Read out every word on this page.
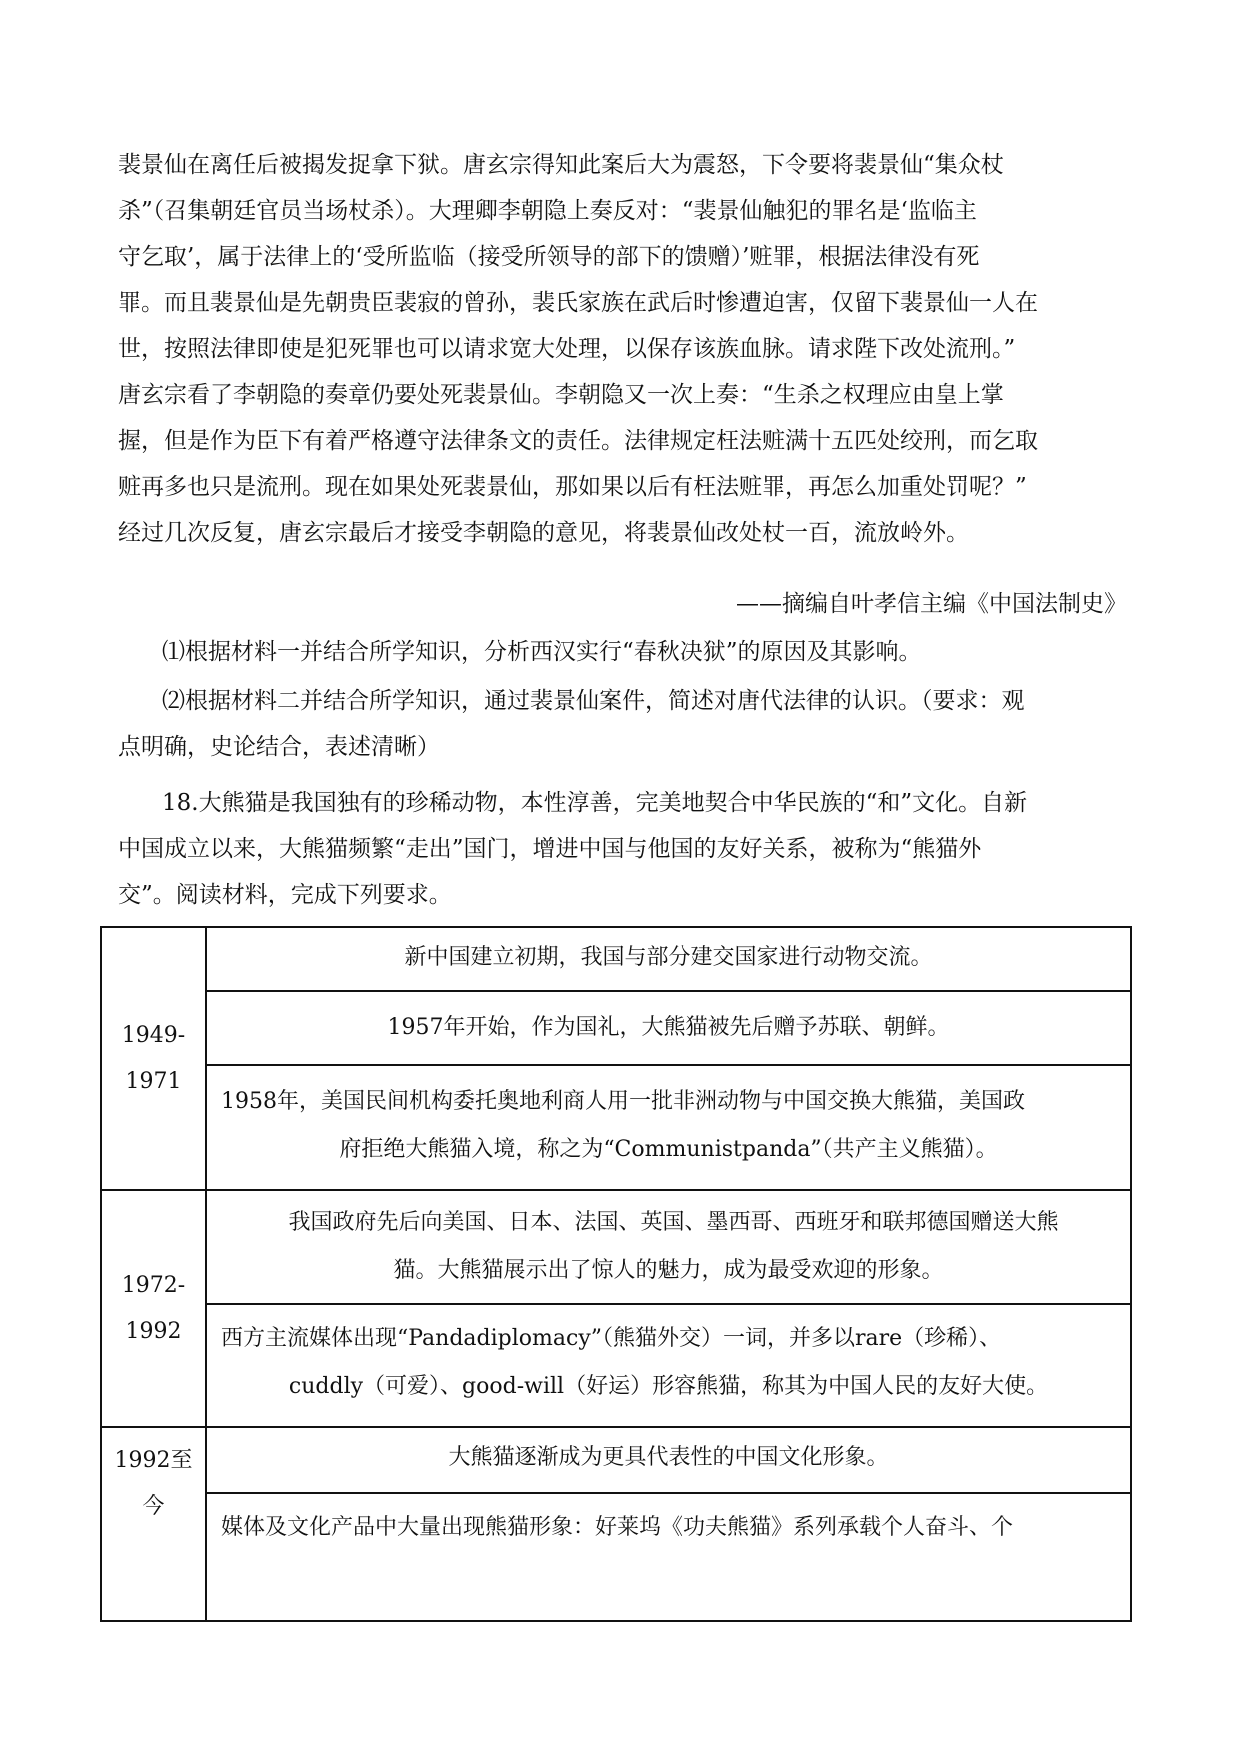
裴景仙在离任后被揭发捉拿下狱。唐玄宗得知此案后大为震怒，下令要将裴景仙“集众杖
杀”（召集朝廷官员当场杖杀）。大理卿李朝隐上奏反对：“裴景仙触犯的罪名是‘监临主
守乞取’，属于法律上的‘受所监临（接受所领导的部下的馈赠）’赃罪，根据法律没有死
罪。而且裴景仙是先朝贵臣裴寂的曾孙，裴氏家族在武后时惨遭迫害，仅留下裴景仙一人在
世，按照法律即使是犯死罪也可以请求宽大处理，以保存该族血脉。请求陛下改处流刑。”
唐玄宗看了李朝隐的奏章仍要处死裴景仙。李朝隐又一次上奏：“生杀之权理应由皇上掌
握，但是作为臣下有着严格遵守法律条文的责任。法律规定枉法赃满十五匹处绞刑，而乞取
赃再多也只是流刑。现在如果处死裴景仙，那如果以后有枉法赃罪，再怎么加重处罚呢？”
经过几次反复，唐玄宗最后才接受李朝隐的意见，将裴景仙改处杖一百，流放岭外。
——摘编自叶孝信主编《中国法制史》
⑴根据材料一并结合所学知识，分析西汉实行“春秋决狱”的原因及其影响。
⑵根据材料二并结合所学知识，通过裴景仙案件，简述对唐代法律的认识。（要求：观
点明确，史论结合，表述清晰）
18.大熊猫是我国独有的珍稀动物，本性淳善，完美地契合中华民族的“和”文化。自新
中国成立以来，大熊猫频繁“走出”国门，增进中国与他国的友好关系，被称为“熊猫外
交”。阅读材料，完成下列要求。
1949-
1971
新中国建立初期，我国与部分建交国家进行动物交流。
1957年开始，作为国礼，大熊猫被先后赠予苏联、朝鲜。
1958年，美国民间机构委托奥地利商人用一批非洲动物与中国交换大熊猫，美国政
府拒绝大熊猫入境，称之为“Communistpanda”（共产主义熊猫）。
1972-
1992
我国政府先后向美国、日本、法国、英国、墨西哥、西班牙和联邦德国赠送大熊
猫。大熊猫展示出了惊人的魅力，成为最受欢迎的形象。
西方主流媒体出现“Pandadiplomacy”（熊猫外交）一词，并多以rare（珍稀）、
cuddly（可爱）、good-will（好运）形容熊猫，称其为中国人民的友好大使。
1992至
今
大熊猫逐渐成为更具代表性的中国文化形象。
媒体及文化产品中大量出现熊猫形象：好莱坞《功夫熊猫》系列承载个人奋斗、个
